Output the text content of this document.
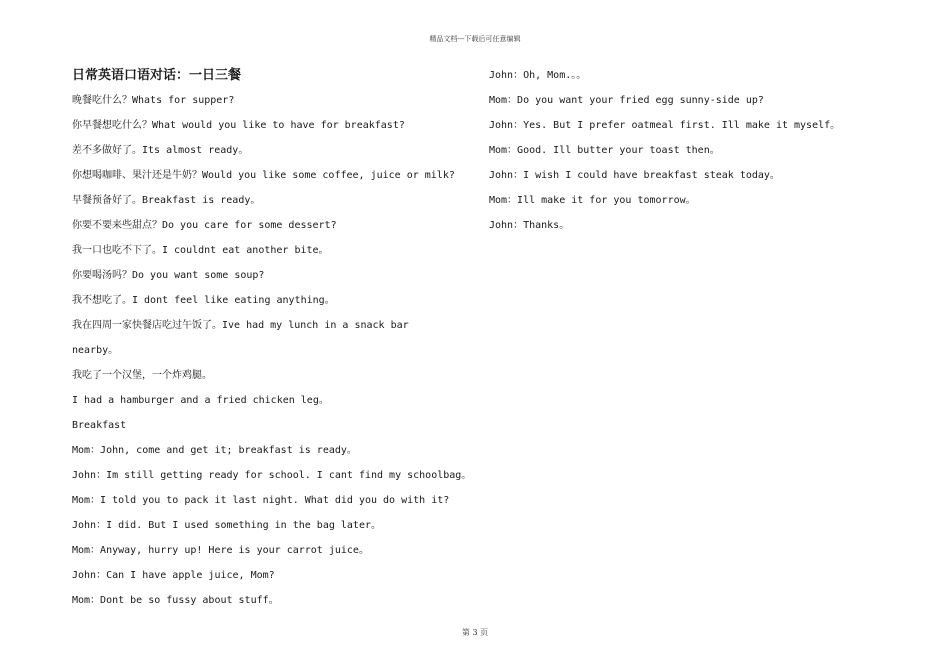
精品文档---下载后可任意编辑

日常英语口语对话：一日三餐

晚餐吃什么？Whats for supper?

你早餐想吃什么？What would you like to have for breakfast?

差不多做好了。Its almost ready。

你想喝咖啡、果汁还是牛奶？Would you like some coffee, juice or milk?

早餐预备好了。Breakfast is ready。

你要不要来些甜点？Do you care for some dessert?

我一口也吃不下了。I couldnt eat another bite。

你要喝汤吗？Do you want some soup?

我不想吃了。I dont feel like eating anything。

我在四周一家快餐店吃过午饭了。Ive had my lunch in a snack bar

nearby。

我吃了一个汉堡，一个炸鸡腿。

I had a hamburger and a fried chicken leg。

Breakfast

Mom：John, come and get it; breakfast is ready。

John：Im still getting ready for school. I cant find my schoolbag。

Mom：I told you to pack it last night. What did you do with it?

John：I did. But I used something in the bag later。

Mom：Anyway, hurry up! Here is your carrot juice。

John：Can I have apple juice, Mom?

Mom：Dont be so fussy about stuff。

John：Oh, Mom.。。

Mom：Do you want your fried egg sunny-side up?

John：Yes. But I prefer oatmeal first. Ill make it myself。

Mom：Good. Ill butter your toast then。

John：I wish I could have breakfast steak today。

Mom：Ill make it for you tomorrow。

John：Thanks。

第 3 页
